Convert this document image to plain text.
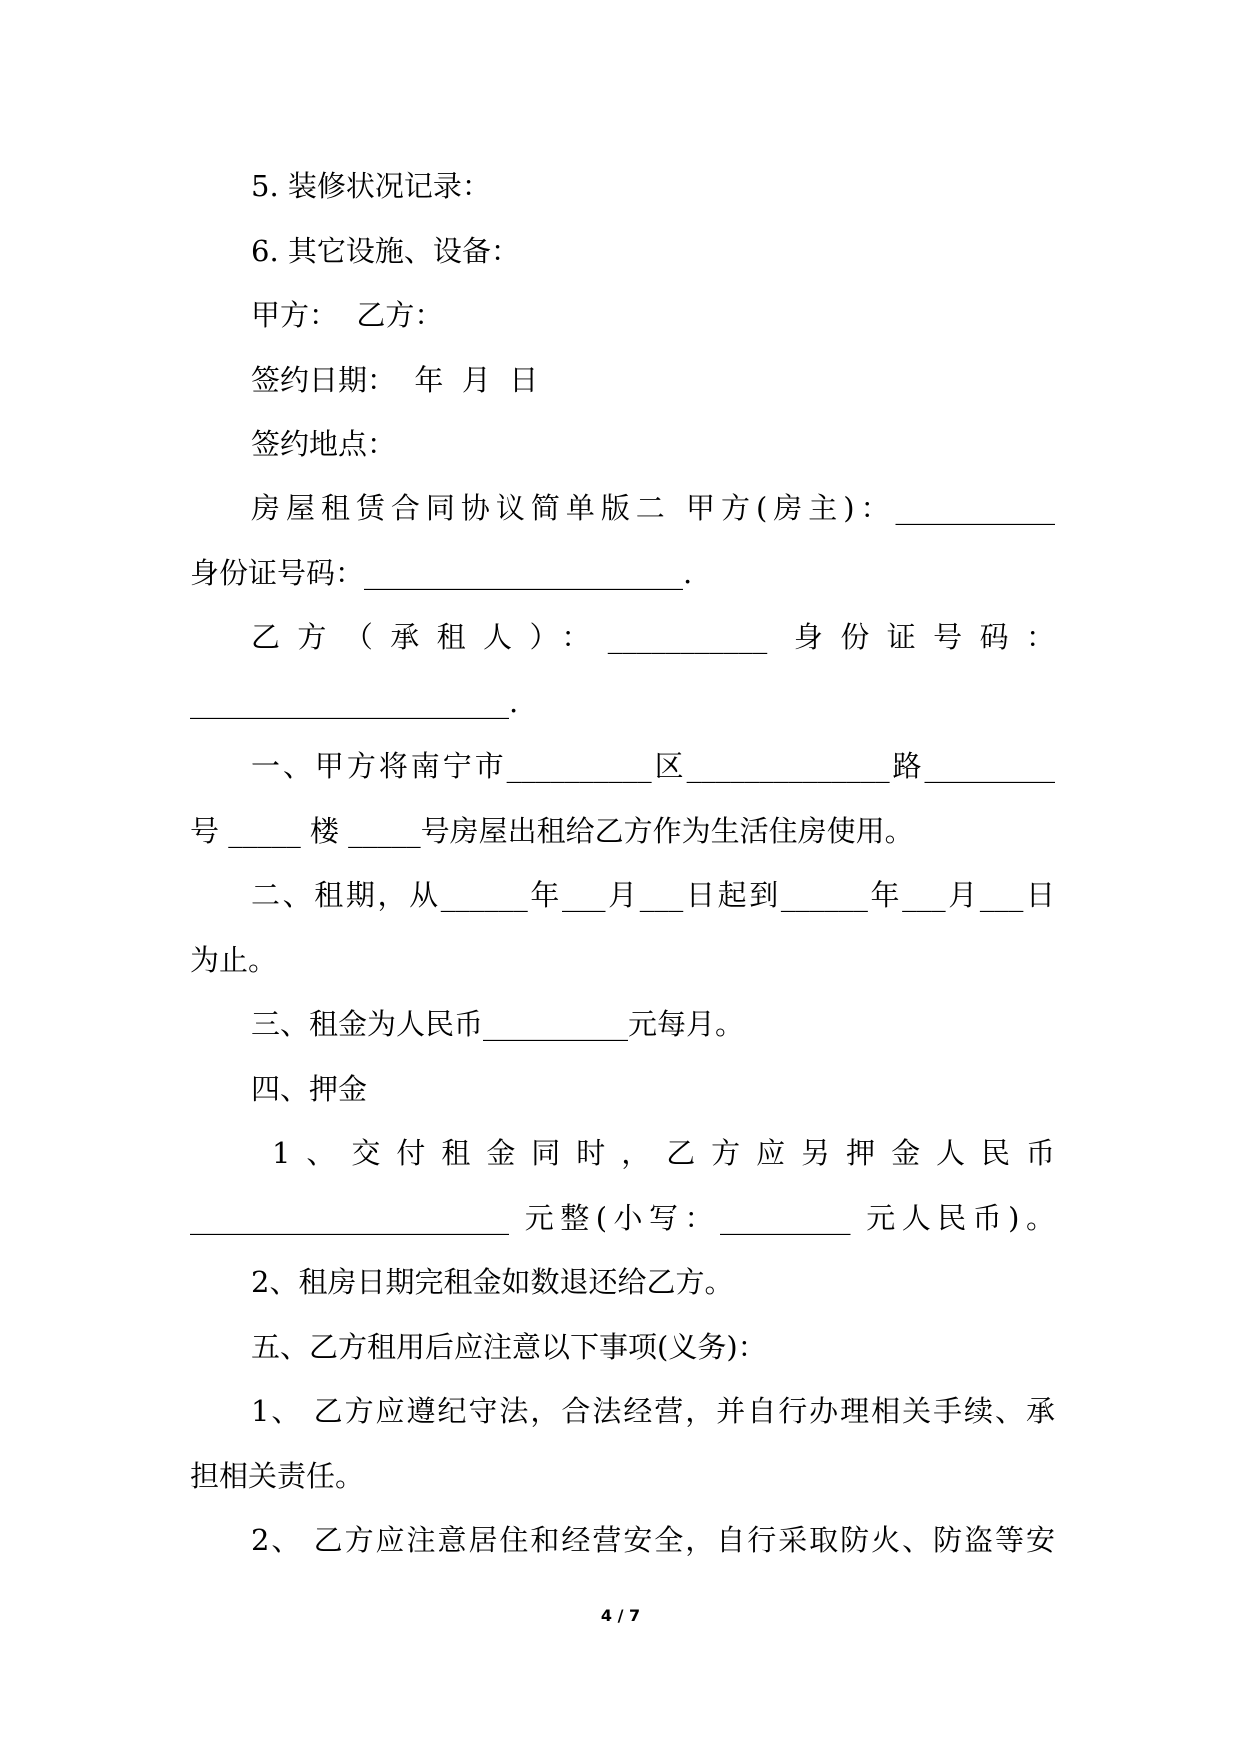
5. 装修状况记录：

6. 其它设施、设备：

甲方：  乙方：

签约日期：  年  月  日

签约地点：

房屋租赁合同协议简单版二 甲方(房主)：___________

身份证号码：______________________.

乙方（承租人）：___________ 身份证号码：

______________________.

一、甲方将南宁市__________区______________路_________

号 _____ 楼 _____号房屋出租给乙方作为生活住房使用。

二、租期，从______年___月___日起到______年___月___日

为止。

三、租金为人民币__________元每月。

四、押金

1、交付租金同时，乙方应另押金人民币

______________________ 元整(小写：_________ 元人民币)。

2、租房日期完租金如数退还给乙方。

五、乙方租用后应注意以下事项(义务)：

1、 乙方应遵纪守法，合法经营，并自行办理相关手续、承

担相关责任。

2、 乙方应注意居住和经营安全，自行采取防火、防盗等安

4 / 7
